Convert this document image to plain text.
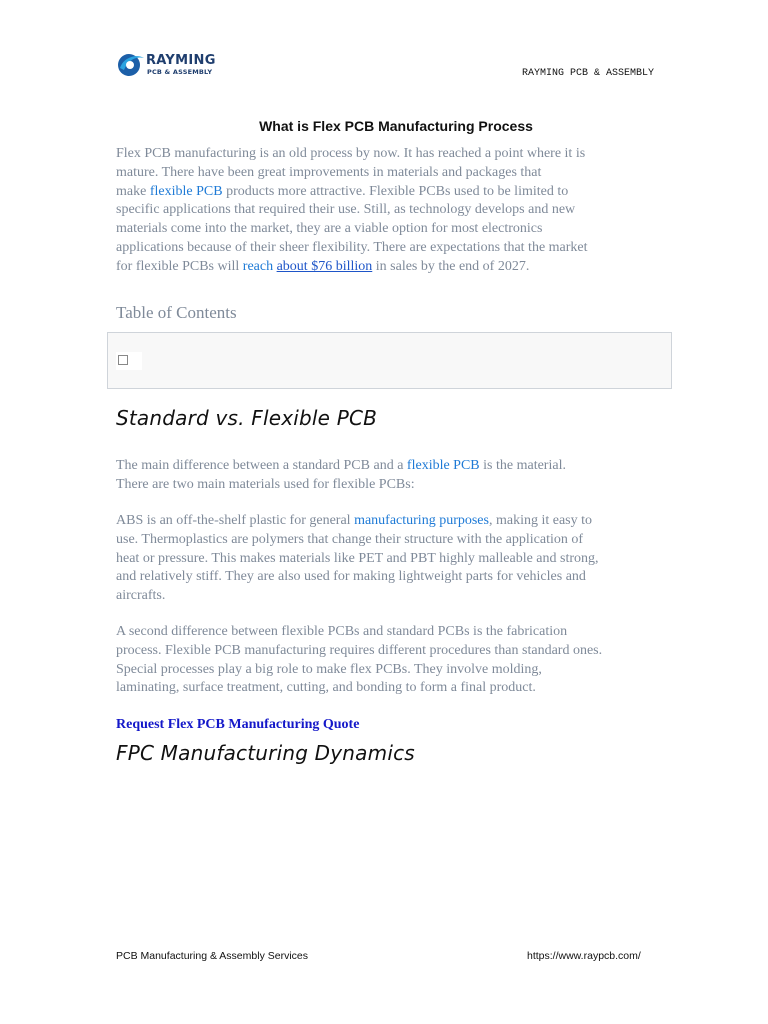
RAYMING
PCB & ASSEMBLY	RAYMING PCB & ASSEMBLY
What is Flex PCB Manufacturing Process
Flex PCB manufacturing is an old process by now. It has reached a point where it is
mature. There have been great improvements in materials and packages that
make flexible PCB products more attractive. Flexible PCBs used to be limited to
specific applications that required their use. Still, as technology develops and new
materials come into the market, they are a viable option for most electronics
applications because of their sheer flexibility. There are expectations that the market
for flexible PCBs will reach about $76 billion in sales by the end of 2027.
Table of Contents
Standard vs. Flexible PCB
The main difference between a standard PCB and a flexible PCB is the material.
There are two main materials used for flexible PCBs:
ABS is an off-the-shelf plastic for general manufacturing purposes, making it easy to
use. Thermoplastics are polymers that change their structure with the application of
heat or pressure. This makes materials like PET and PBT highly malleable and strong,
and relatively stiff. They are also used for making lightweight parts for vehicles and
aircrafts.
A second difference between flexible PCBs and standard PCBs is the fabrication
process. Flexible PCB manufacturing requires different procedures than standard ones.
Special processes play a big role to make flex PCBs. They involve molding,
laminating, surface treatment, cutting, and bonding to form a final product.
Request Flex PCB Manufacturing Quote
FPC Manufacturing Dynamics
PCB Manufacturing & Assembly Services	https://www.raypcb.com/
